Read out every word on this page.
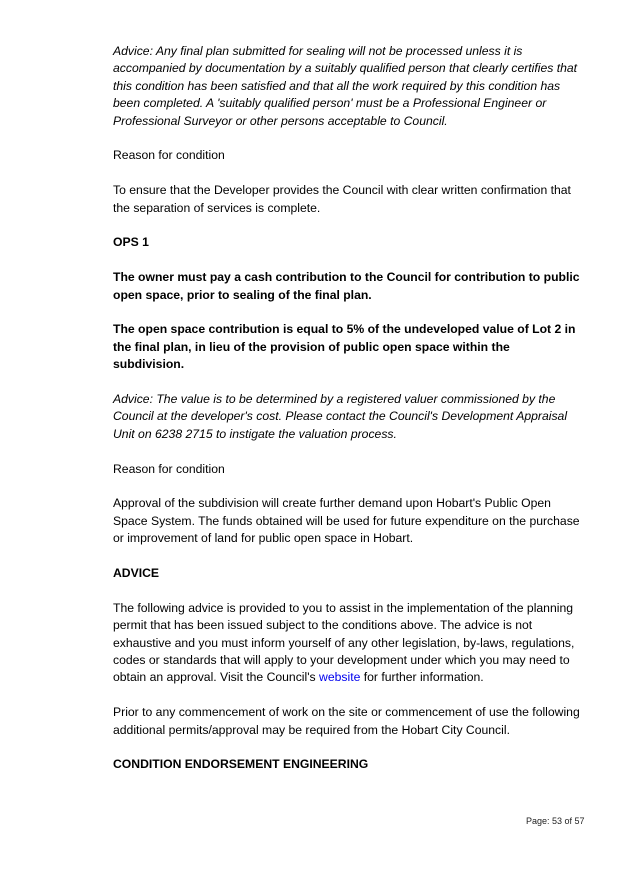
Advice: Any final plan submitted for sealing will not be processed unless it is accompanied by documentation by a suitably qualified person that clearly certifies that this condition has been satisfied and that all the work required by this condition has been completed. A 'suitably qualified person' must be a Professional Engineer or Professional Surveyor or other persons acceptable to Council.

Reason for condition

To ensure that the Developer provides the Council with clear written confirmation that the separation of services is complete.

OPS 1

The owner must pay a cash contribution to the Council for contribution to public open space, prior to sealing of the final plan.

The open space contribution is equal to 5% of the undeveloped value of Lot 2 in the final plan, in lieu of the provision of public open space within the subdivision.

Advice: The value is to be determined by a registered valuer commissioned by the Council at the developer's cost. Please contact the Council's Development Appraisal Unit on 6238 2715 to instigate the valuation process.

Reason for condition

Approval of the subdivision will create further demand upon Hobart's Public Open Space System. The funds obtained will be used for future expenditure on the purchase or improvement of land for public open space in Hobart.

ADVICE

The following advice is provided to you to assist in the implementation of the planning permit that has been issued subject to the conditions above. The advice is not exhaustive and you must inform yourself of any other legislation, by-laws, regulations, codes or standards that will apply to your development under which you may need to obtain an approval. Visit the Council's website for further information.

Prior to any commencement of work on the site or commencement of use the following additional permits/approval may be required from the Hobart City Council.

CONDITION ENDORSEMENT ENGINEERING

Page: 53 of 57
